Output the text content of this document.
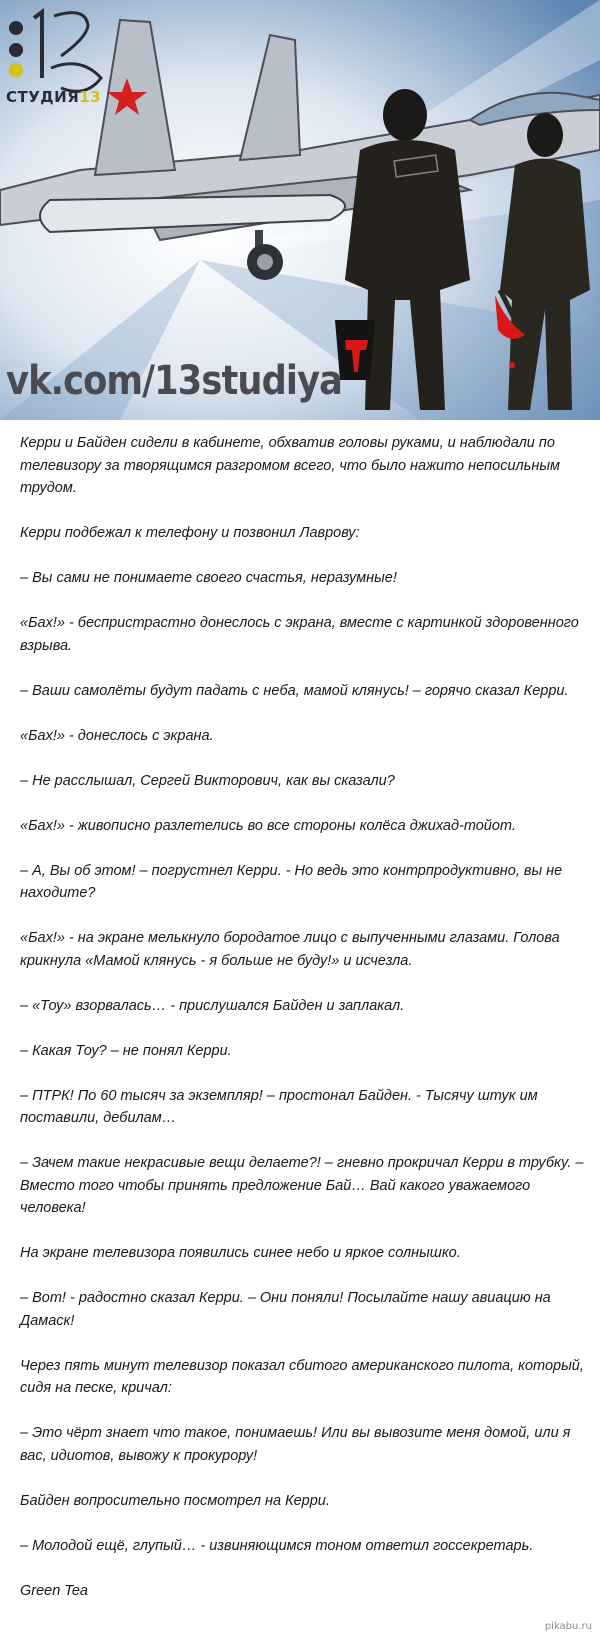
СТУДИЯ13
vk.com/13studiya

Керри и Байден сидели в кабинете, обхватив головы руками, и наблюдали по телевизору за творящимся разгромом всего, что было нажито непосильным трудом.

Керри подбежал к телефону и позвонил Лаврову:

– Вы сами не понимаете своего счастья, неразумные!

«Бах!» - беспристрастно донеслось с экрана, вместе с картинкой здоровенного взрыва.

– Ваши самолёты будут падать с неба, мамой клянусь! – горячо сказал Керри.

«Бах!» - донеслось с экрана.

– Не расслышал, Сергей Викторович, как вы сказали?

«Бах!» - живописно разлетелись во все стороны колёса джихад-тойот.

– А, Вы об этом! – погрустнел Керри. - Но ведь это контрпродуктивно, вы не находите?

«Бах!» - на экране мелькнуло бородатое лицо с выпученными глазами. Голова крикнула «Мамой клянусь - я больше не буду!» и исчезла.

– «Тоу» взорвалась… - прислушался Байден и заплакал.

– Какая Тоу? – не понял Керри.

– ПТРК! По 60 тысяч за экземпляр! – простонал Байден. - Тысячу штук им поставили, дебилам…

– Зачем такие некрасивые вещи делаете?! – гневно прокричал Керри в трубку. – Вместо того чтобы принять предложение Бай… Вай какого уважаемого человека!

На экране телевизора появились синее небо и яркое солнышко.

– Вот! - радостно сказал Керри. – Они поняли! Посылайте нашу авиацию на Дамаск!

Через пять минут телевизор показал сбитого американского пилота, который, сидя на песке, кричал:

– Это чёрт знает что такое, понимаешь! Или вы вывозите меня домой, или я вас, идиотов, вывожу к прокурору!

Байден вопросительно посмотрел на Керри.

– Молодой ещё, глупый… - извиняющимся тоном ответил госсекретарь.

Green Tea

pikabu.ru
